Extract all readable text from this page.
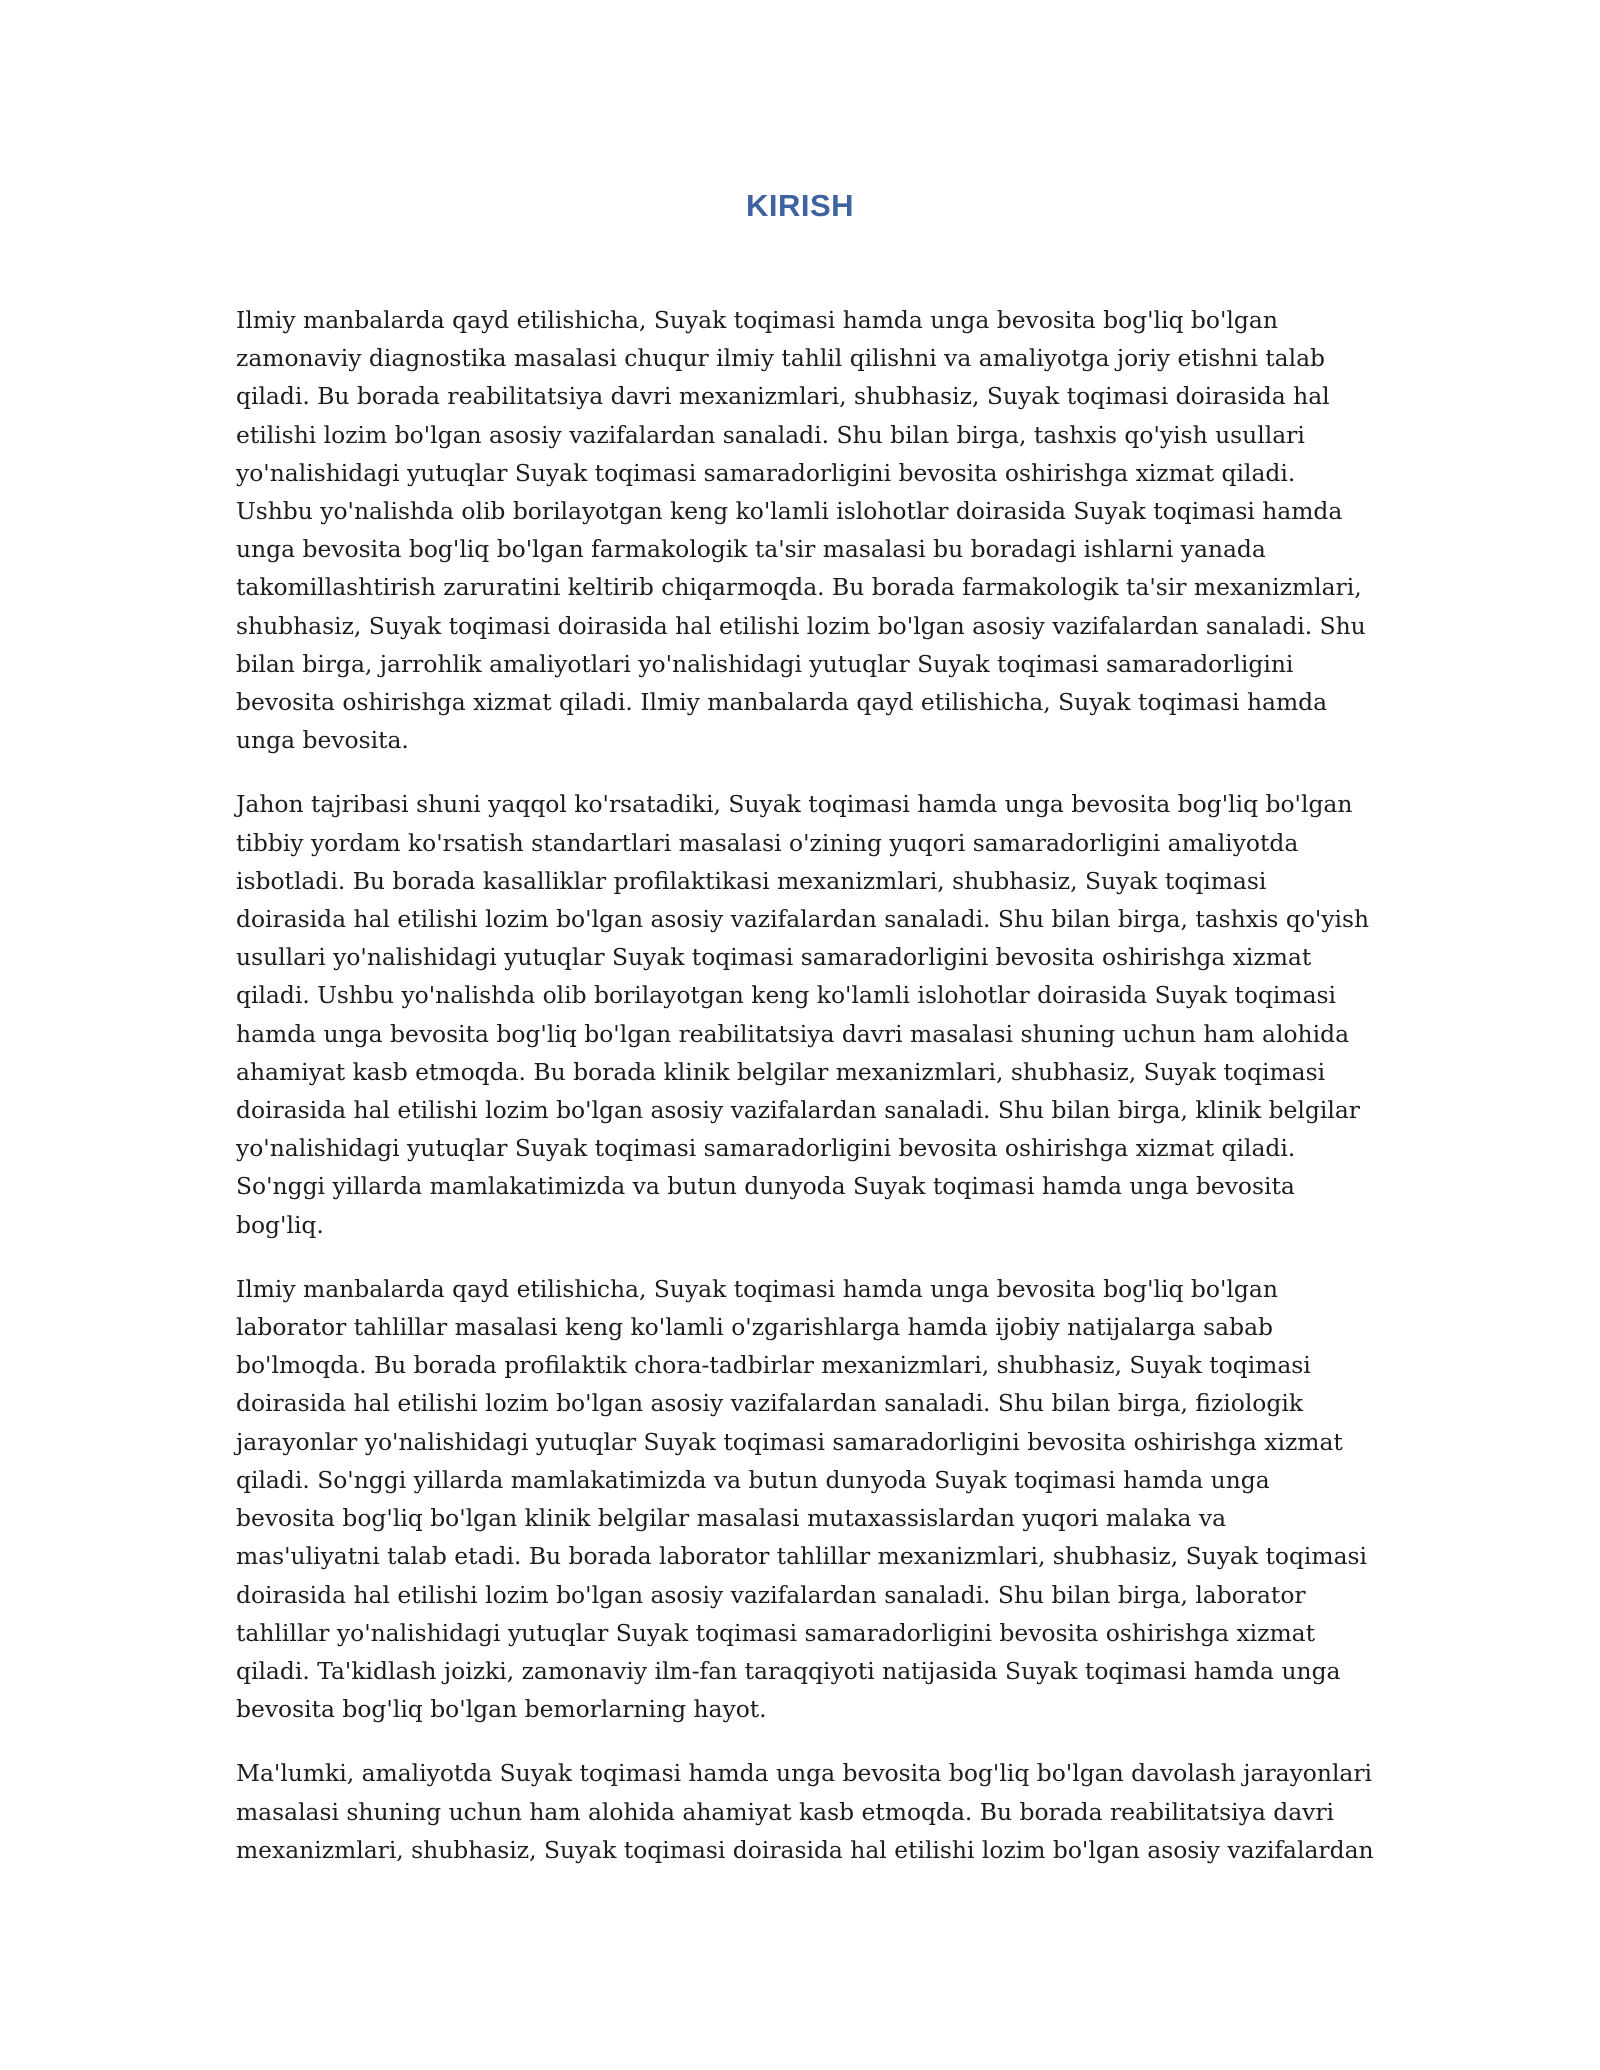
KIRISH

Ilmiy manbalarda qayd etilishicha, Suyak toqimasi hamda unga bevosita bog'liq bo'lgan zamonaviy diagnostika masalasi chuqur ilmiy tahlil qilishni va amaliyotga joriy etishni talab qiladi. Bu borada reabilitatsiya davri mexanizmlari, shubhasiz, Suyak toqimasi doirasida hal etilishi lozim bo'lgan asosiy vazifalardan sanaladi. Shu bilan birga, tashxis qo'yish usullari yo'nalishidagi yutuqlar Suyak toqimasi samaradorligini bevosita oshirishga xizmat qiladi. Ushbu yo'nalishda olib borilayotgan keng ko'lamli islohotlar doirasida Suyak toqimasi hamda unga bevosita bog'liq bo'lgan farmakologik ta'sir masalasi bu boradagi ishlarni yanada takomillashtirish zaruratini keltirib chiqarmoqda. Bu borada farmakologik ta'sir mexanizmlari, shubhasiz, Suyak toqimasi doirasida hal etilishi lozim bo'lgan asosiy vazifalardan sanaladi. Shu bilan birga, jarrohlik amaliyotlari yo'nalishidagi yutuqlar Suyak toqimasi samaradorligini bevosita oshirishga xizmat qiladi. Ilmiy manbalarda qayd etilishicha, Suyak toqimasi hamda unga bevosita.

Jahon tajribasi shuni yaqqol ko'rsatadiki, Suyak toqimasi hamda unga bevosita bog'liq bo'lgan tibbiy yordam ko'rsatish standartlari masalasi o'zining yuqori samaradorligini amaliyotda isbotladi. Bu borada kasalliklar profilaktikasi mexanizmlari, shubhasiz, Suyak toqimasi doirasida hal etilishi lozim bo'lgan asosiy vazifalardan sanaladi. Shu bilan birga, tashxis qo'yish usullari yo'nalishidagi yutuqlar Suyak toqimasi samaradorligini bevosita oshirishga xizmat qiladi. Ushbu yo'nalishda olib borilayotgan keng ko'lamli islohotlar doirasida Suyak toqimasi hamda unga bevosita bog'liq bo'lgan reabilitatsiya davri masalasi shuning uchun ham alohida ahamiyat kasb etmoqda. Bu borada klinik belgilar mexanizmlari, shubhasiz, Suyak toqimasi doirasida hal etilishi lozim bo'lgan asosiy vazifalardan sanaladi. Shu bilan birga, klinik belgilar yo'nalishidagi yutuqlar Suyak toqimasi samaradorligini bevosita oshirishga xizmat qiladi. So'nggi yillarda mamlakatimizda va butun dunyoda Suyak toqimasi hamda unga bevosita bog'liq.

Ilmiy manbalarda qayd etilishicha, Suyak toqimasi hamda unga bevosita bog'liq bo'lgan laborator tahlillar masalasi keng ko'lamli o'zgarishlarga hamda ijobiy natijalarga sabab bo'lmoqda. Bu borada profilaktik chora-tadbirlar mexanizmlari, shubhasiz, Suyak toqimasi doirasida hal etilishi lozim bo'lgan asosiy vazifalardan sanaladi. Shu bilan birga, fiziologik jarayonlar yo'nalishidagi yutuqlar Suyak toqimasi samaradorligini bevosita oshirishga xizmat qiladi. So'nggi yillarda mamlakatimizda va butun dunyoda Suyak toqimasi hamda unga bevosita bog'liq bo'lgan klinik belgilar masalasi mutaxassislardan yuqori malaka va mas'uliyatni talab etadi. Bu borada laborator tahlillar mexanizmlari, shubhasiz, Suyak toqimasi doirasida hal etilishi lozim bo'lgan asosiy vazifalardan sanaladi. Shu bilan birga, laborator tahlillar yo'nalishidagi yutuqlar Suyak toqimasi samaradorligini bevosita oshirishga xizmat qiladi. Ta'kidlash joizki, zamonaviy ilm-fan taraqqiyoti natijasida Suyak toqimasi hamda unga bevosita bog'liq bo'lgan bemorlarning hayot.

Ma'lumki, amaliyotda Suyak toqimasi hamda unga bevosita bog'liq bo'lgan davolash jarayonlari masalasi shuning uchun ham alohida ahamiyat kasb etmoqda. Bu borada reabilitatsiya davri mexanizmlari, shubhasiz, Suyak toqimasi doirasida hal etilishi lozim bo'lgan asosiy vazifalardan
